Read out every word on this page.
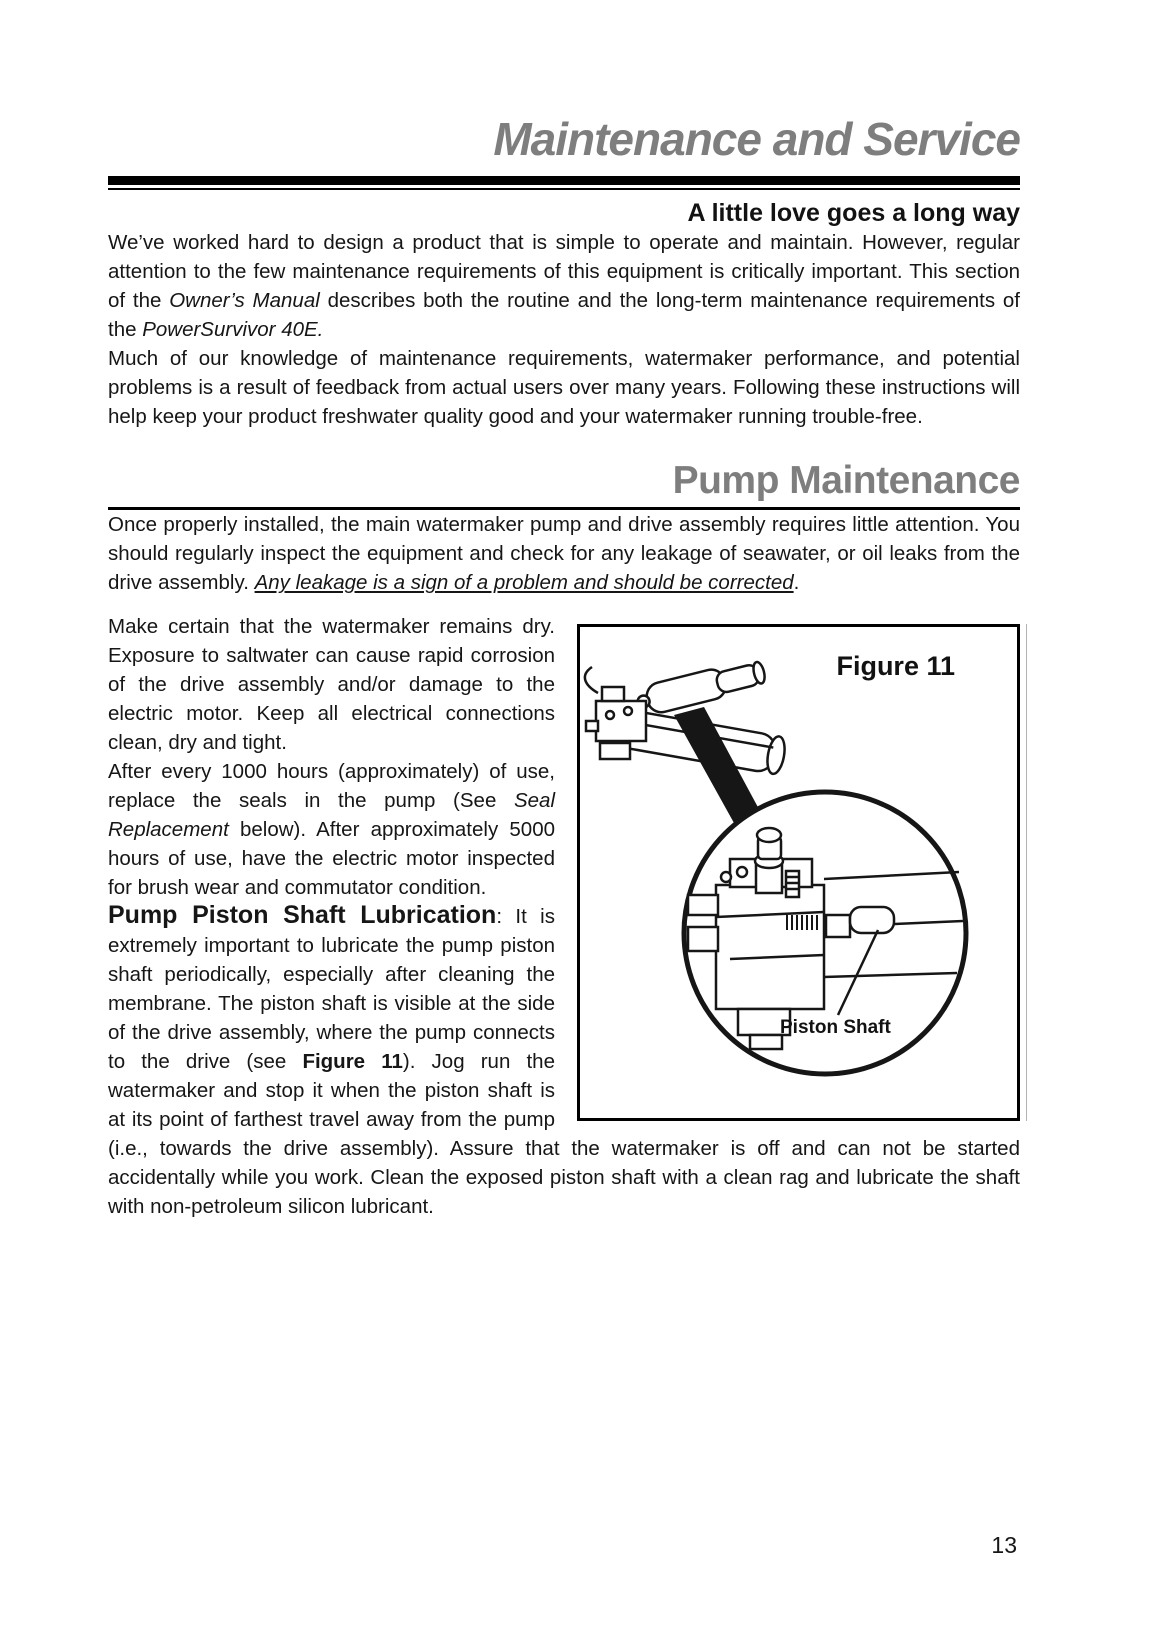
Maintenance and Service
A little love goes a long way

We’ve worked hard to design a product that is simple to operate and maintain. However, regular attention to the few maintenance requirements of this equipment is critically important. This section of the Owner’s Manual describes both the routine and the long-term maintenance requirements of the PowerSurvivor 40E.

Much of our knowledge of maintenance requirements, watermaker performance, and potential problems is a result of feedback from actual users over many years. Following these instructions will help keep your product freshwater quality good and your watermaker running trouble-free.

Pump Maintenance

Once properly installed, the main watermaker pump and drive assembly requires little attention. You should regularly inspect the equipment and check for any leakage of seawater, or oil leaks from the drive assembly. Any leakage is a sign of a problem and should be corrected.

Figure 11
Piston Shaft

Make certain that the watermaker remains dry. Exposure to saltwater can cause rapid corrosion of the drive assembly and/or damage to the electric motor. Keep all electrical connections clean, dry and tight.

After every 1000 hours (approximately) of use, replace the seals in the pump (See Seal Replacement below). After approximately 5000 hours of use, have the electric motor inspected for brush wear and commutator condition.

Pump Piston Shaft Lubrication: It is extremely important to lubricate the pump piston shaft periodically, especially after cleaning the membrane. The piston shaft is visible at the side of the drive assembly, where the pump connects to the drive (see Figure 11). Jog run the watermaker and stop it when the piston shaft is at its point of farthest travel away from the pump (i.e., towards the drive assembly). Assure that the watermaker is off and can not be started accidentally while you work. Clean the exposed piston shaft with a clean rag and lubricate the shaft with non-petroleum silicon lubricant.

13
